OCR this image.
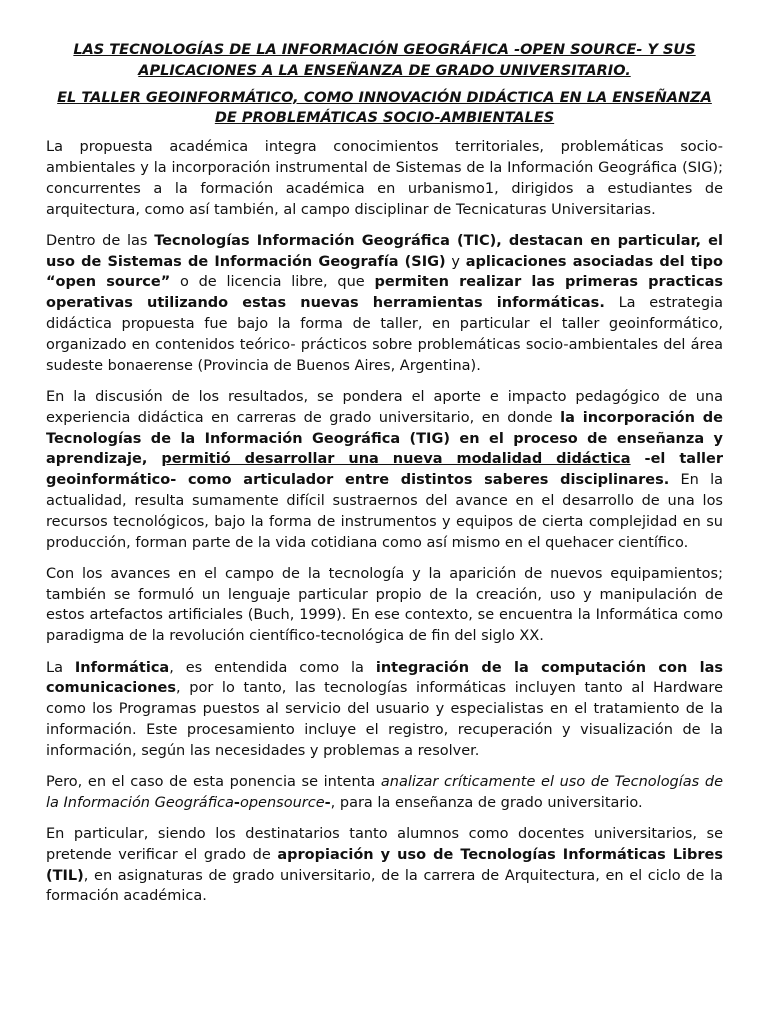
LAS TECNOLOGÍAS DE LA INFORMACIÓN GEOGRÁFICA -OPEN SOURCE- Y SUS APLICACIONES A LA ENSEÑANZA DE GRADO UNIVERSITARIO.
EL TALLER GEOINFORMÁTICO, COMO INNOVACIÓN DIDÁCTICA EN LA ENSEÑANZA DE PROBLEMÁTICAS SOCIO-AMBIENTALES

La propuesta académica integra conocimientos territoriales, problemáticas socio-ambientales y la incorporación instrumental de Sistemas de la Información Geográfica (SIG); concurrentes a la formación académica en urbanismo1, dirigidos a estudiantes de arquitectura, como así también, al campo disciplinar de Tecnicaturas Universitarias.

Dentro de las Tecnologías Información Geográfica (TIC), destacan en particular, el uso de Sistemas de Información Geografía (SIG) y aplicaciones asociadas del tipo “open source” o de licencia libre, que permiten realizar las primeras practicas operativas utilizando estas nuevas herramientas informáticas. La estrategia didáctica propuesta fue bajo la forma de taller, en particular el taller geoinformático, organizado en contenidos teórico- prácticos sobre problemáticas socio-ambientales del área sudeste bonaerense (Provincia de Buenos Aires, Argentina).

En la discusión de los resultados, se pondera el aporte e impacto pedagógico de una experiencia didáctica en carreras de grado universitario, en donde la incorporación de Tecnologías de la Información Geográfica (TIG) en el proceso de enseñanza y aprendizaje, permitió desarrollar una nueva modalidad didáctica -el taller geoinformático- como articulador entre distintos saberes disciplinares. En la actualidad, resulta sumamente difícil sustraernos del avance en el desarrollo de una los recursos tecnológicos, bajo la forma de instrumentos y equipos de cierta complejidad en su producción, forman parte de la vida cotidiana como así mismo en el quehacer científico.

Con los avances en el campo de la tecnología y la aparición de nuevos equipamientos; también se formuló un lenguaje particular propio de la creación, uso y manipulación de estos artefactos artificiales (Buch, 1999). En ese contexto, se encuentra la Informática como paradigma de la revolución científico-tecnológica de fin del siglo XX.

La Informática, es entendida como la integración de la computación con las comunicaciones, por lo tanto, las tecnologías informáticas incluyen tanto al Hardware como los Programas puestos al servicio del usuario y especialistas en el tratamiento de la información. Este procesamiento incluye el registro, recuperación y visualización de la información, según las necesidades y problemas a resolver.

Pero, en el caso de esta ponencia se intenta analizar críticamente el uso de Tecnologías de la Información Geográfica-opensource-, para la enseñanza de grado universitario.

En particular, siendo los destinatarios tanto alumnos como docentes universitarios, se pretende verificar el grado de apropiación y uso de Tecnologías Informáticas Libres (TIL), en asignaturas de grado universitario, de la carrera de Arquitectura, en el ciclo de la formación académica.
